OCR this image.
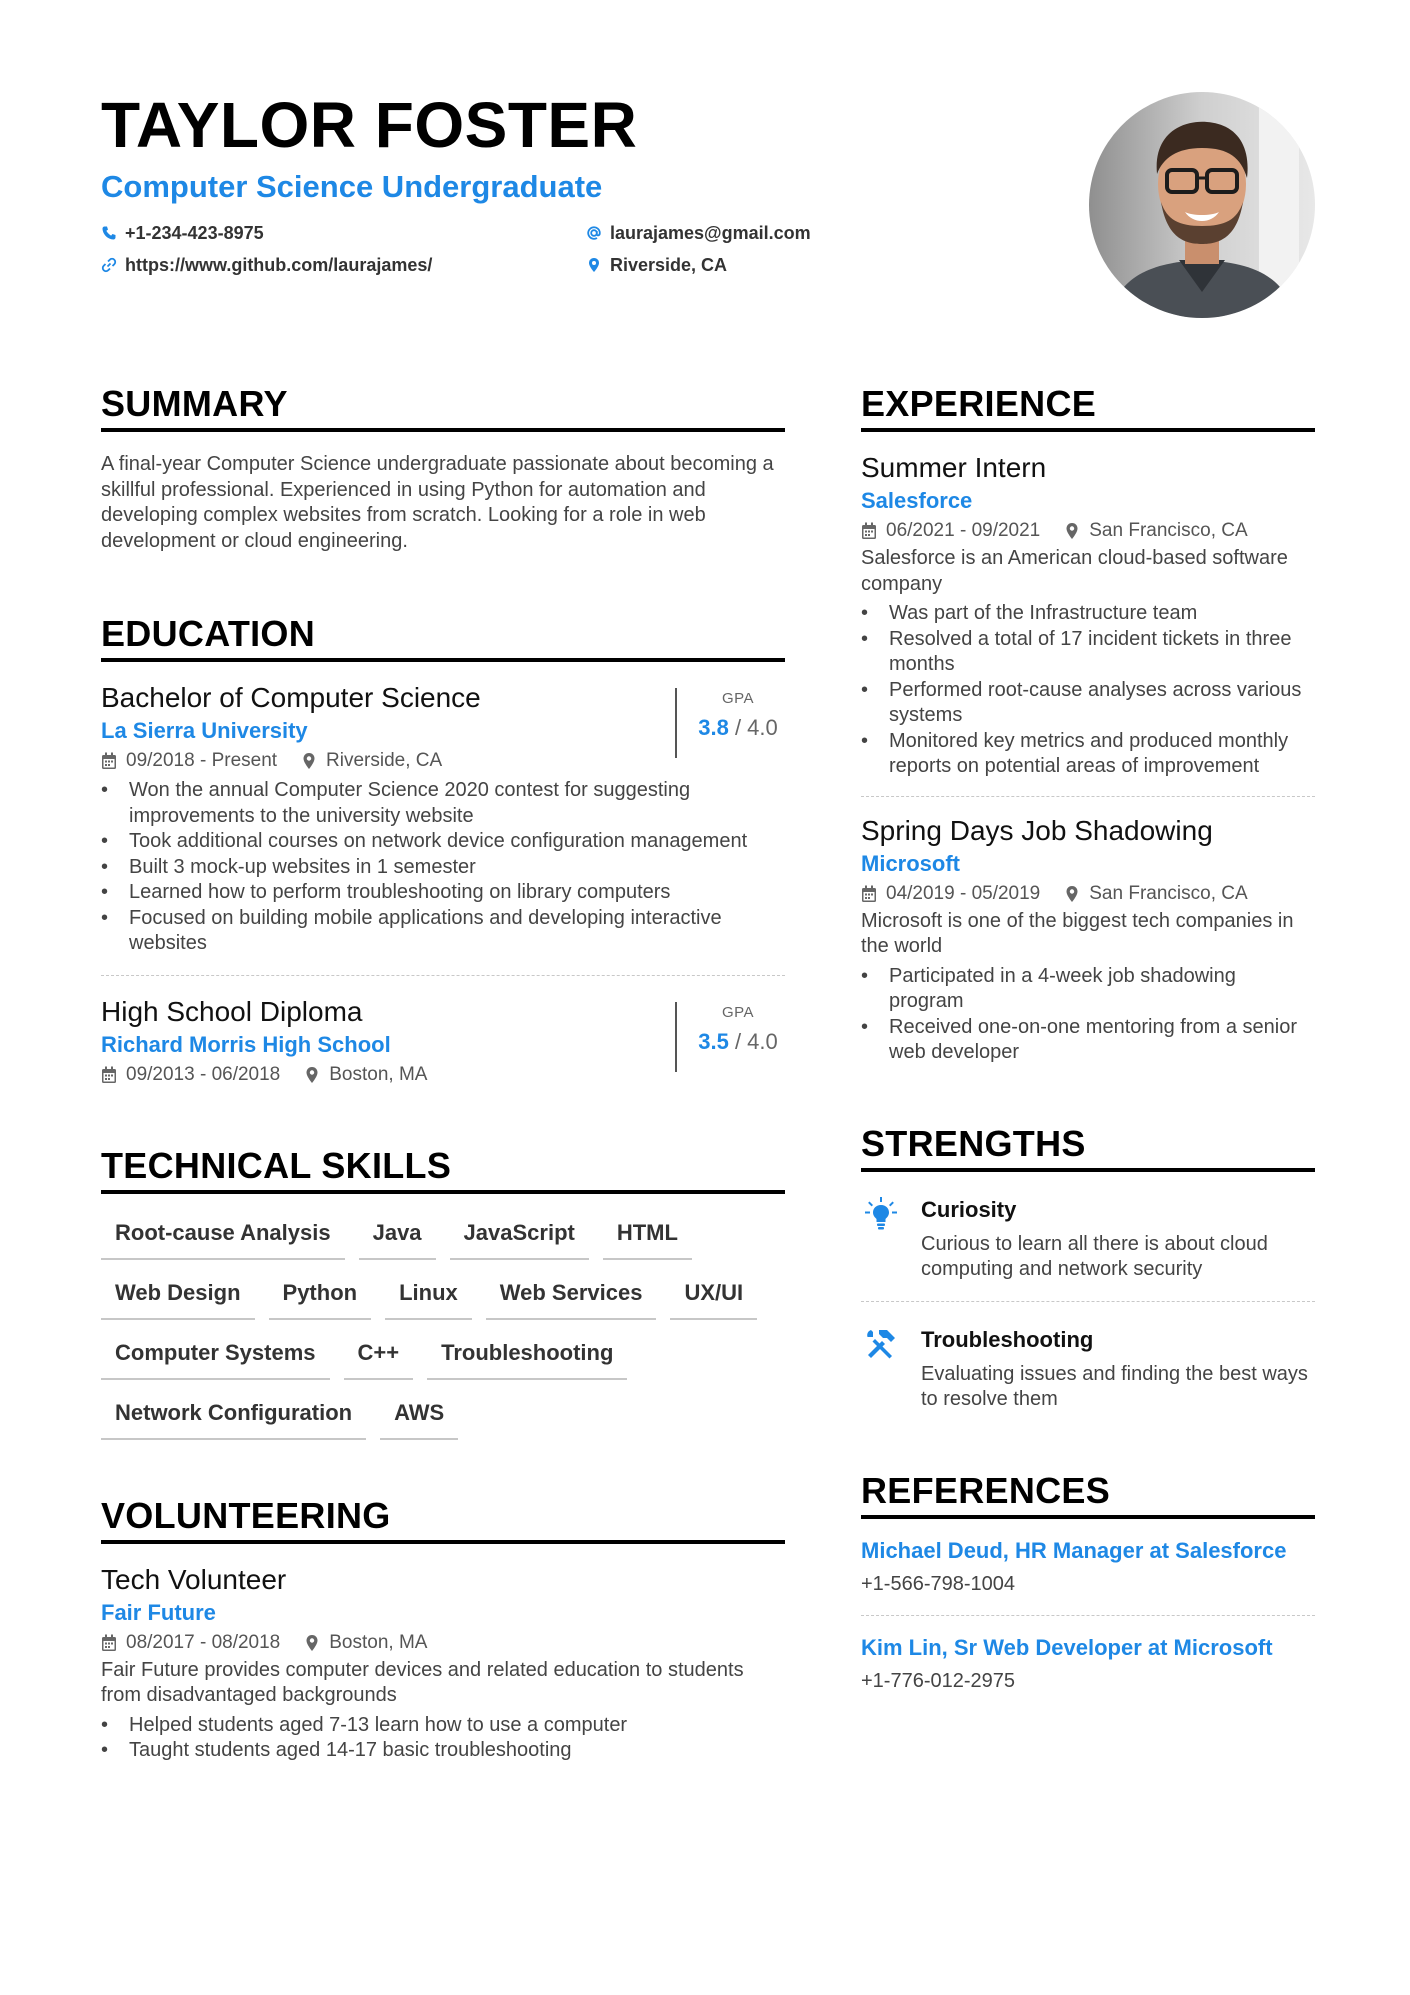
TAYLOR FOSTER
Computer Science Undergraduate
+1-234-423-8975	laurajames@gmail.com
https://www.github.com/laurajames/	Riverside, CA
SUMMARY
A final-year Computer Science undergraduate passionate about becoming a skillful professional. Experienced in using Python for automation and developing complex websites from scratch. Looking for a role in web development or cloud engineering.
EDUCATION
GPA
3.8 / 4.0
Bachelor of Computer Science
La Sierra University
09/2018 - Present	Riverside, CA
• Won the annual Computer Science 2020 contest for suggesting improvements to the university website
• Took additional courses on network device configuration management
• Built 3 mock-up websites in 1 semester
• Learned how to perform troubleshooting on library computers
• Focused on building mobile applications and developing interactive websites
GPA
3.5 / 4.0
High School Diploma
Richard Morris High School
09/2013 - 06/2018	Boston, MA
TECHNICAL SKILLS
Root-cause Analysis	Java	JavaScript	HTML
Web Design	Python	Linux	Web Services	UX/UI
Computer Systems	C++	Troubleshooting
Network Configuration	AWS
VOLUNTEERING
Tech Volunteer
Fair Future
08/2017 - 08/2018	Boston, MA
Fair Future provides computer devices and related education to students from disadvantaged backgrounds
• Helped students aged 7-13 learn how to use a computer
• Taught students aged 14-17 basic troubleshooting
EXPERIENCE
Summer Intern
Salesforce
06/2021 - 09/2021	San Francisco, CA
Salesforce is an American cloud-based software company
• Was part of the Infrastructure team
• Resolved a total of 17 incident tickets in three months
• Performed root-cause analyses across various systems
• Monitored key metrics and produced monthly reports on potential areas of improvement
Spring Days Job Shadowing
Microsoft
04/2019 - 05/2019	San Francisco, CA
Microsoft is one of the biggest tech companies in the world
• Participated in a 4-week job shadowing program
• Received one-on-one mentoring from a senior web developer
STRENGTHS
Curiosity
Curious to learn all there is about cloud computing and network security
Troubleshooting
Evaluating issues and finding the best ways to resolve them
REFERENCES
Michael Deud, HR Manager at Salesforce
+1-566-798-1004
Kim Lin, Sr Web Developer at Microsoft
+1-776-012-2975
